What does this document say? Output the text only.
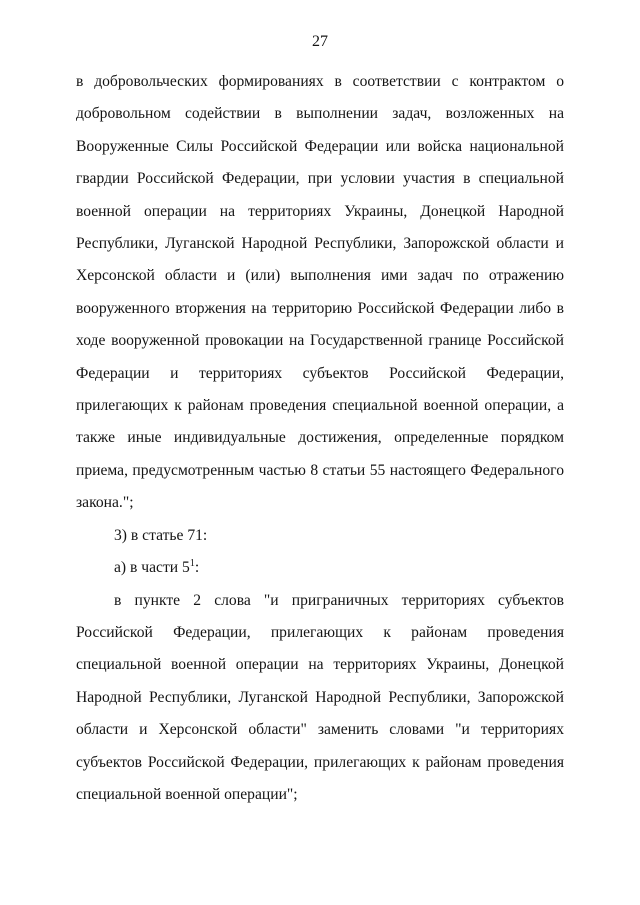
27

в добровольческих формированиях в соответствии с контрактом о добровольном содействии в выполнении задач, возложенных на Вооруженные Силы Российской Федерации или войска национальной гвардии Российской Федерации, при условии участия в специальной военной операции на территориях Украины, Донецкой Народной Республики, Луганской Народной Республики, Запорожской области и Херсонской области и (или) выполнения ими задач по отражению вооруженного вторжения на территорию Российской Федерации либо в ходе вооруженной провокации на Государственной границе Российской Федерации и территориях субъектов Российской Федерации, прилегающих к районам проведения специальной военной операции, а также иные индивидуальные достижения, определенные порядком приема, предусмотренным частью 8 статьи 55 настоящего Федерального закона.";

3) в статье 71:

а) в части $5^1$:

в пункте 2 слова "и приграничных территориях субъектов Российской Федерации, прилегающих к районам проведения специальной военной операции на территориях Украины, Донецкой Народной Республики, Луганской Народной Республики, Запорожской области и Херсонской области" заменить словами "и территориях субъектов Российской Федерации, прилегающих к районам проведения специальной военной операции";
